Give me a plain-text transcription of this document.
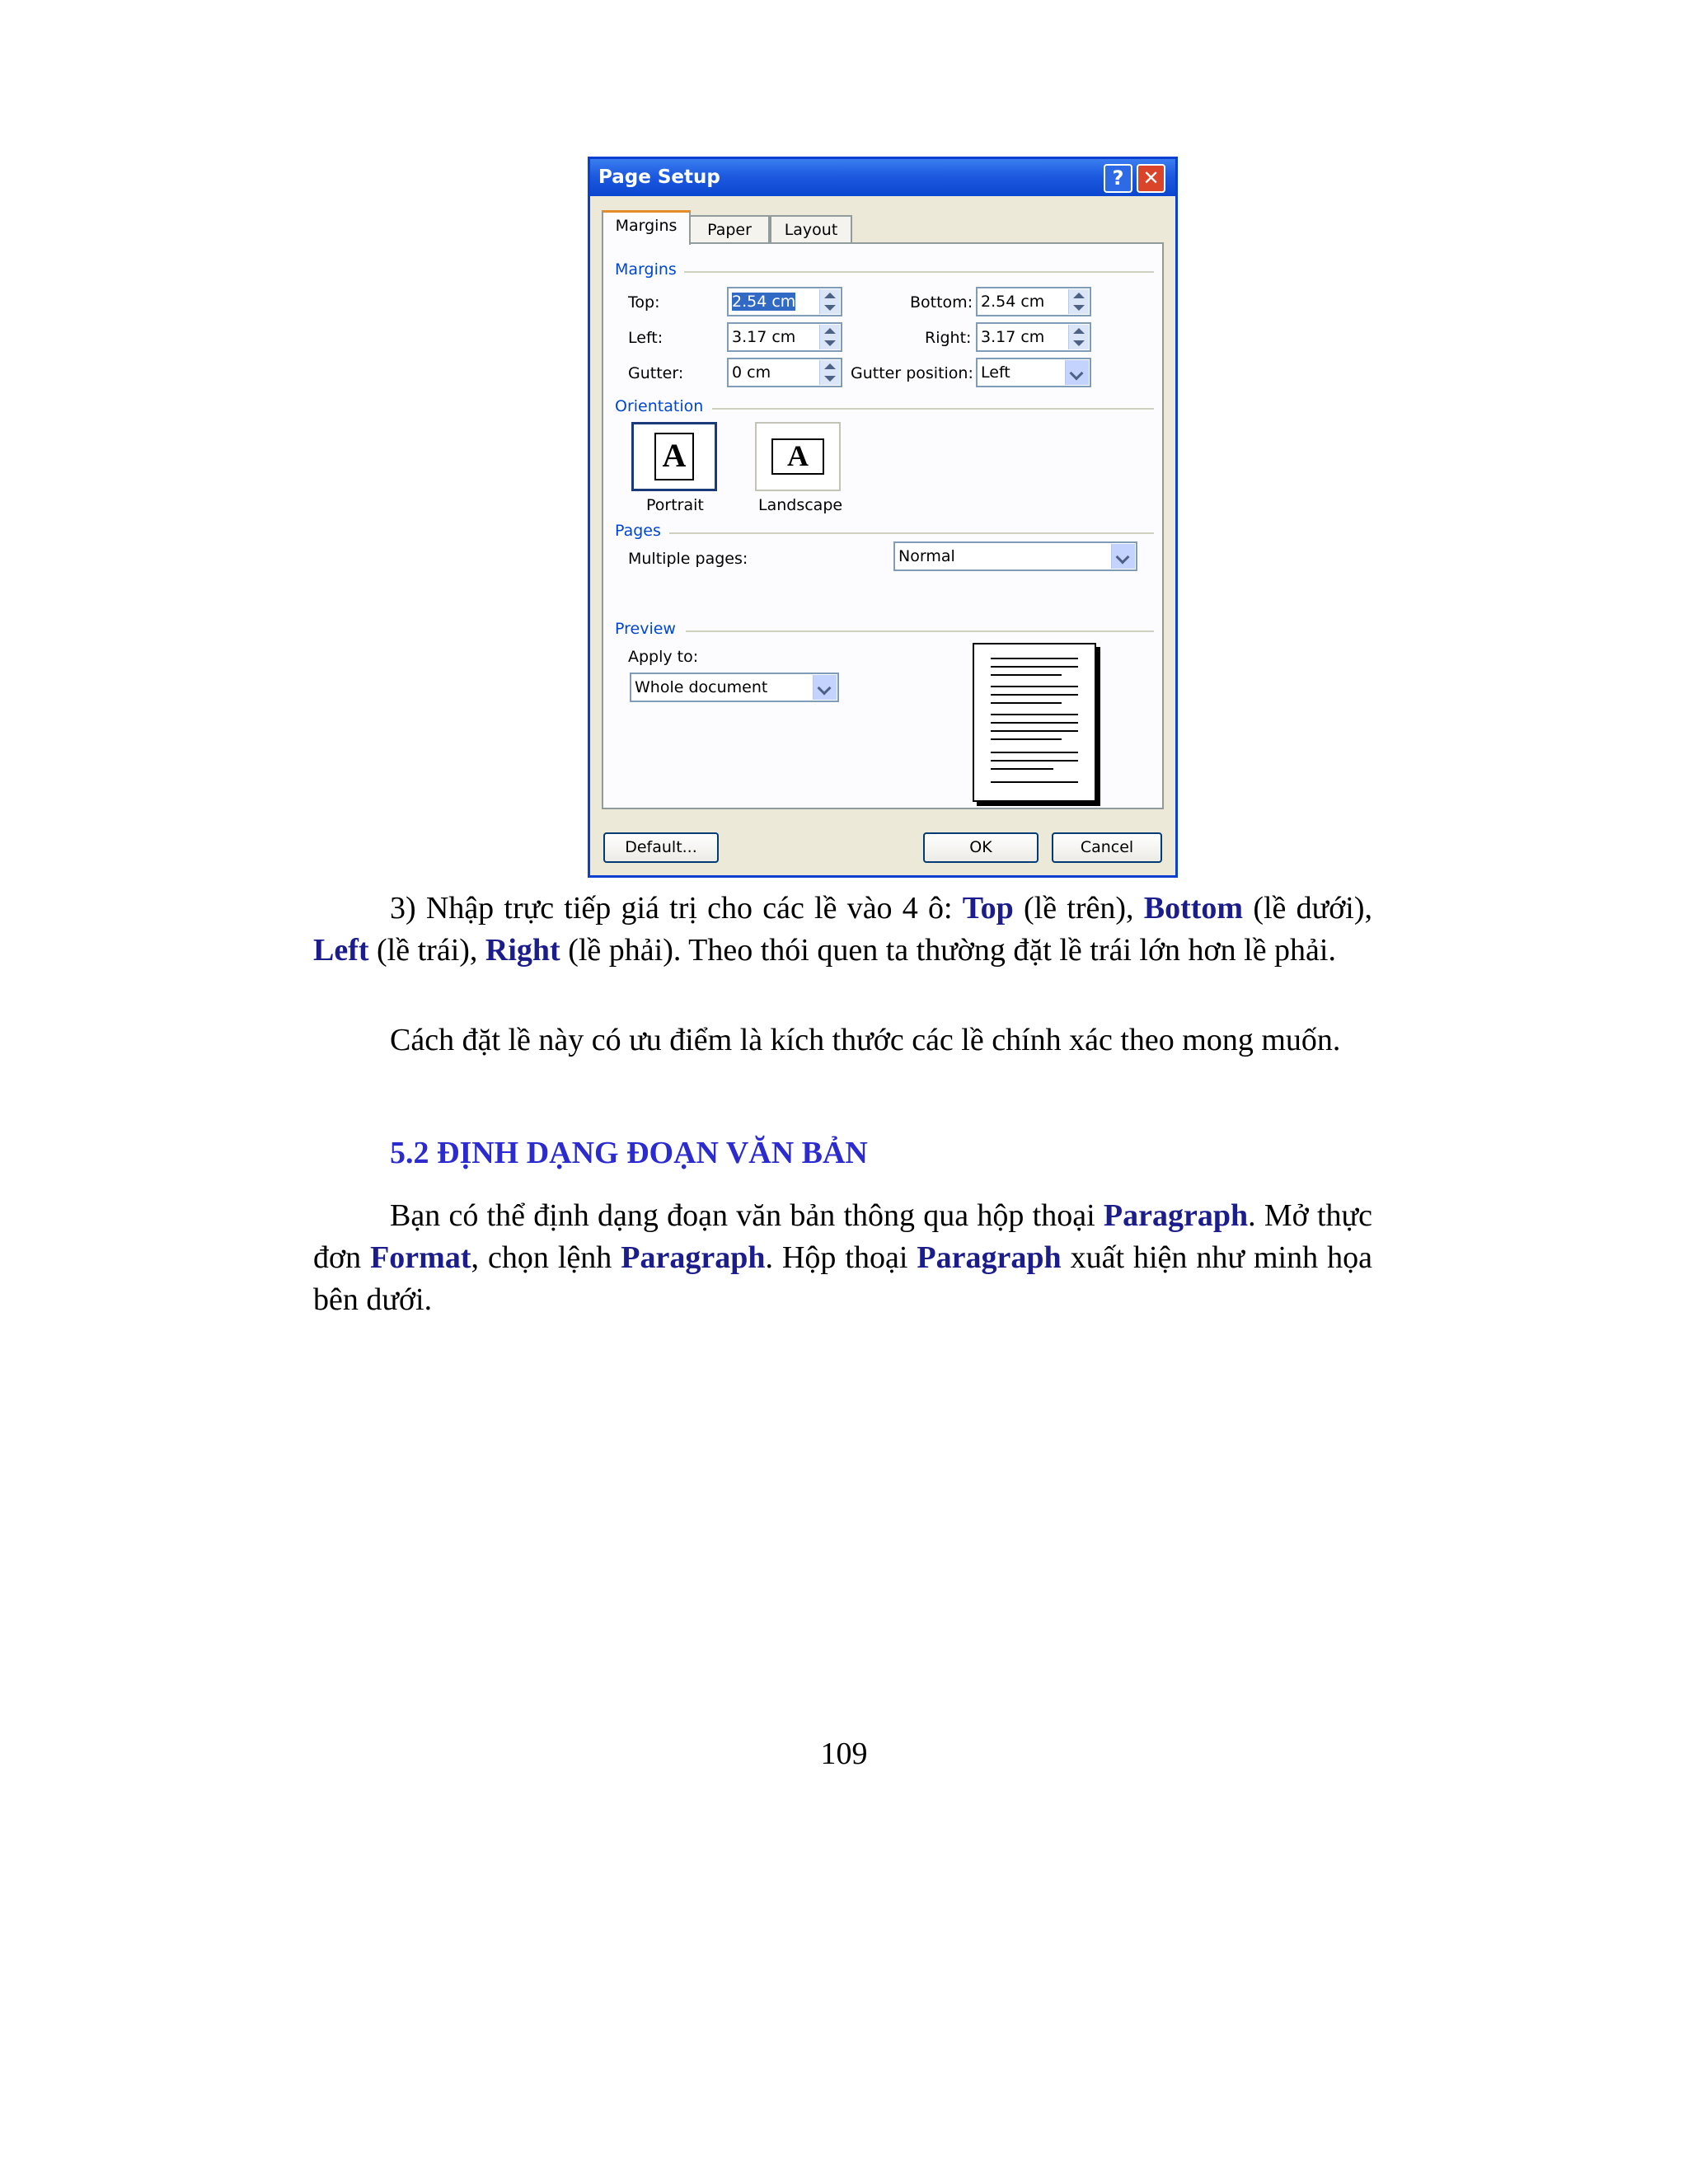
Page Setup	? ✕
Margins	Paper	Layout
Margins
Top:	2.54 cm	Bottom: 2.54 cm
Left:	3.17 cm	Right: 3.17 cm
Gutter:	0 cm	Gutter position: Left
Orientation
A
Portrait
A
Landscape
Pages
Multiple pages:	Normal
Preview
Apply to:
Whole document
Default...	OK	Cancel
3) Nhập trực tiếp giá trị cho các lề vào 4 ô: Top (lề trên), Bottom (lề dưới), Left (lề trái), Right (lề phải). Theo thói quen ta thường đặt lề trái lớn hơn lề phải.
Cách đặt lề này có ưu điểm là kích thước các lề chính xác theo mong muốn.
5.2 ĐỊNH DẠNG ĐOẠN VĂN BẢN
Bạn có thể định dạng đoạn văn bản thông qua hộp thoại Paragraph. Mở thực đơn Format, chọn lệnh Paragraph. Hộp thoại Paragraph xuất hiện như minh họa bên dưới.
109
